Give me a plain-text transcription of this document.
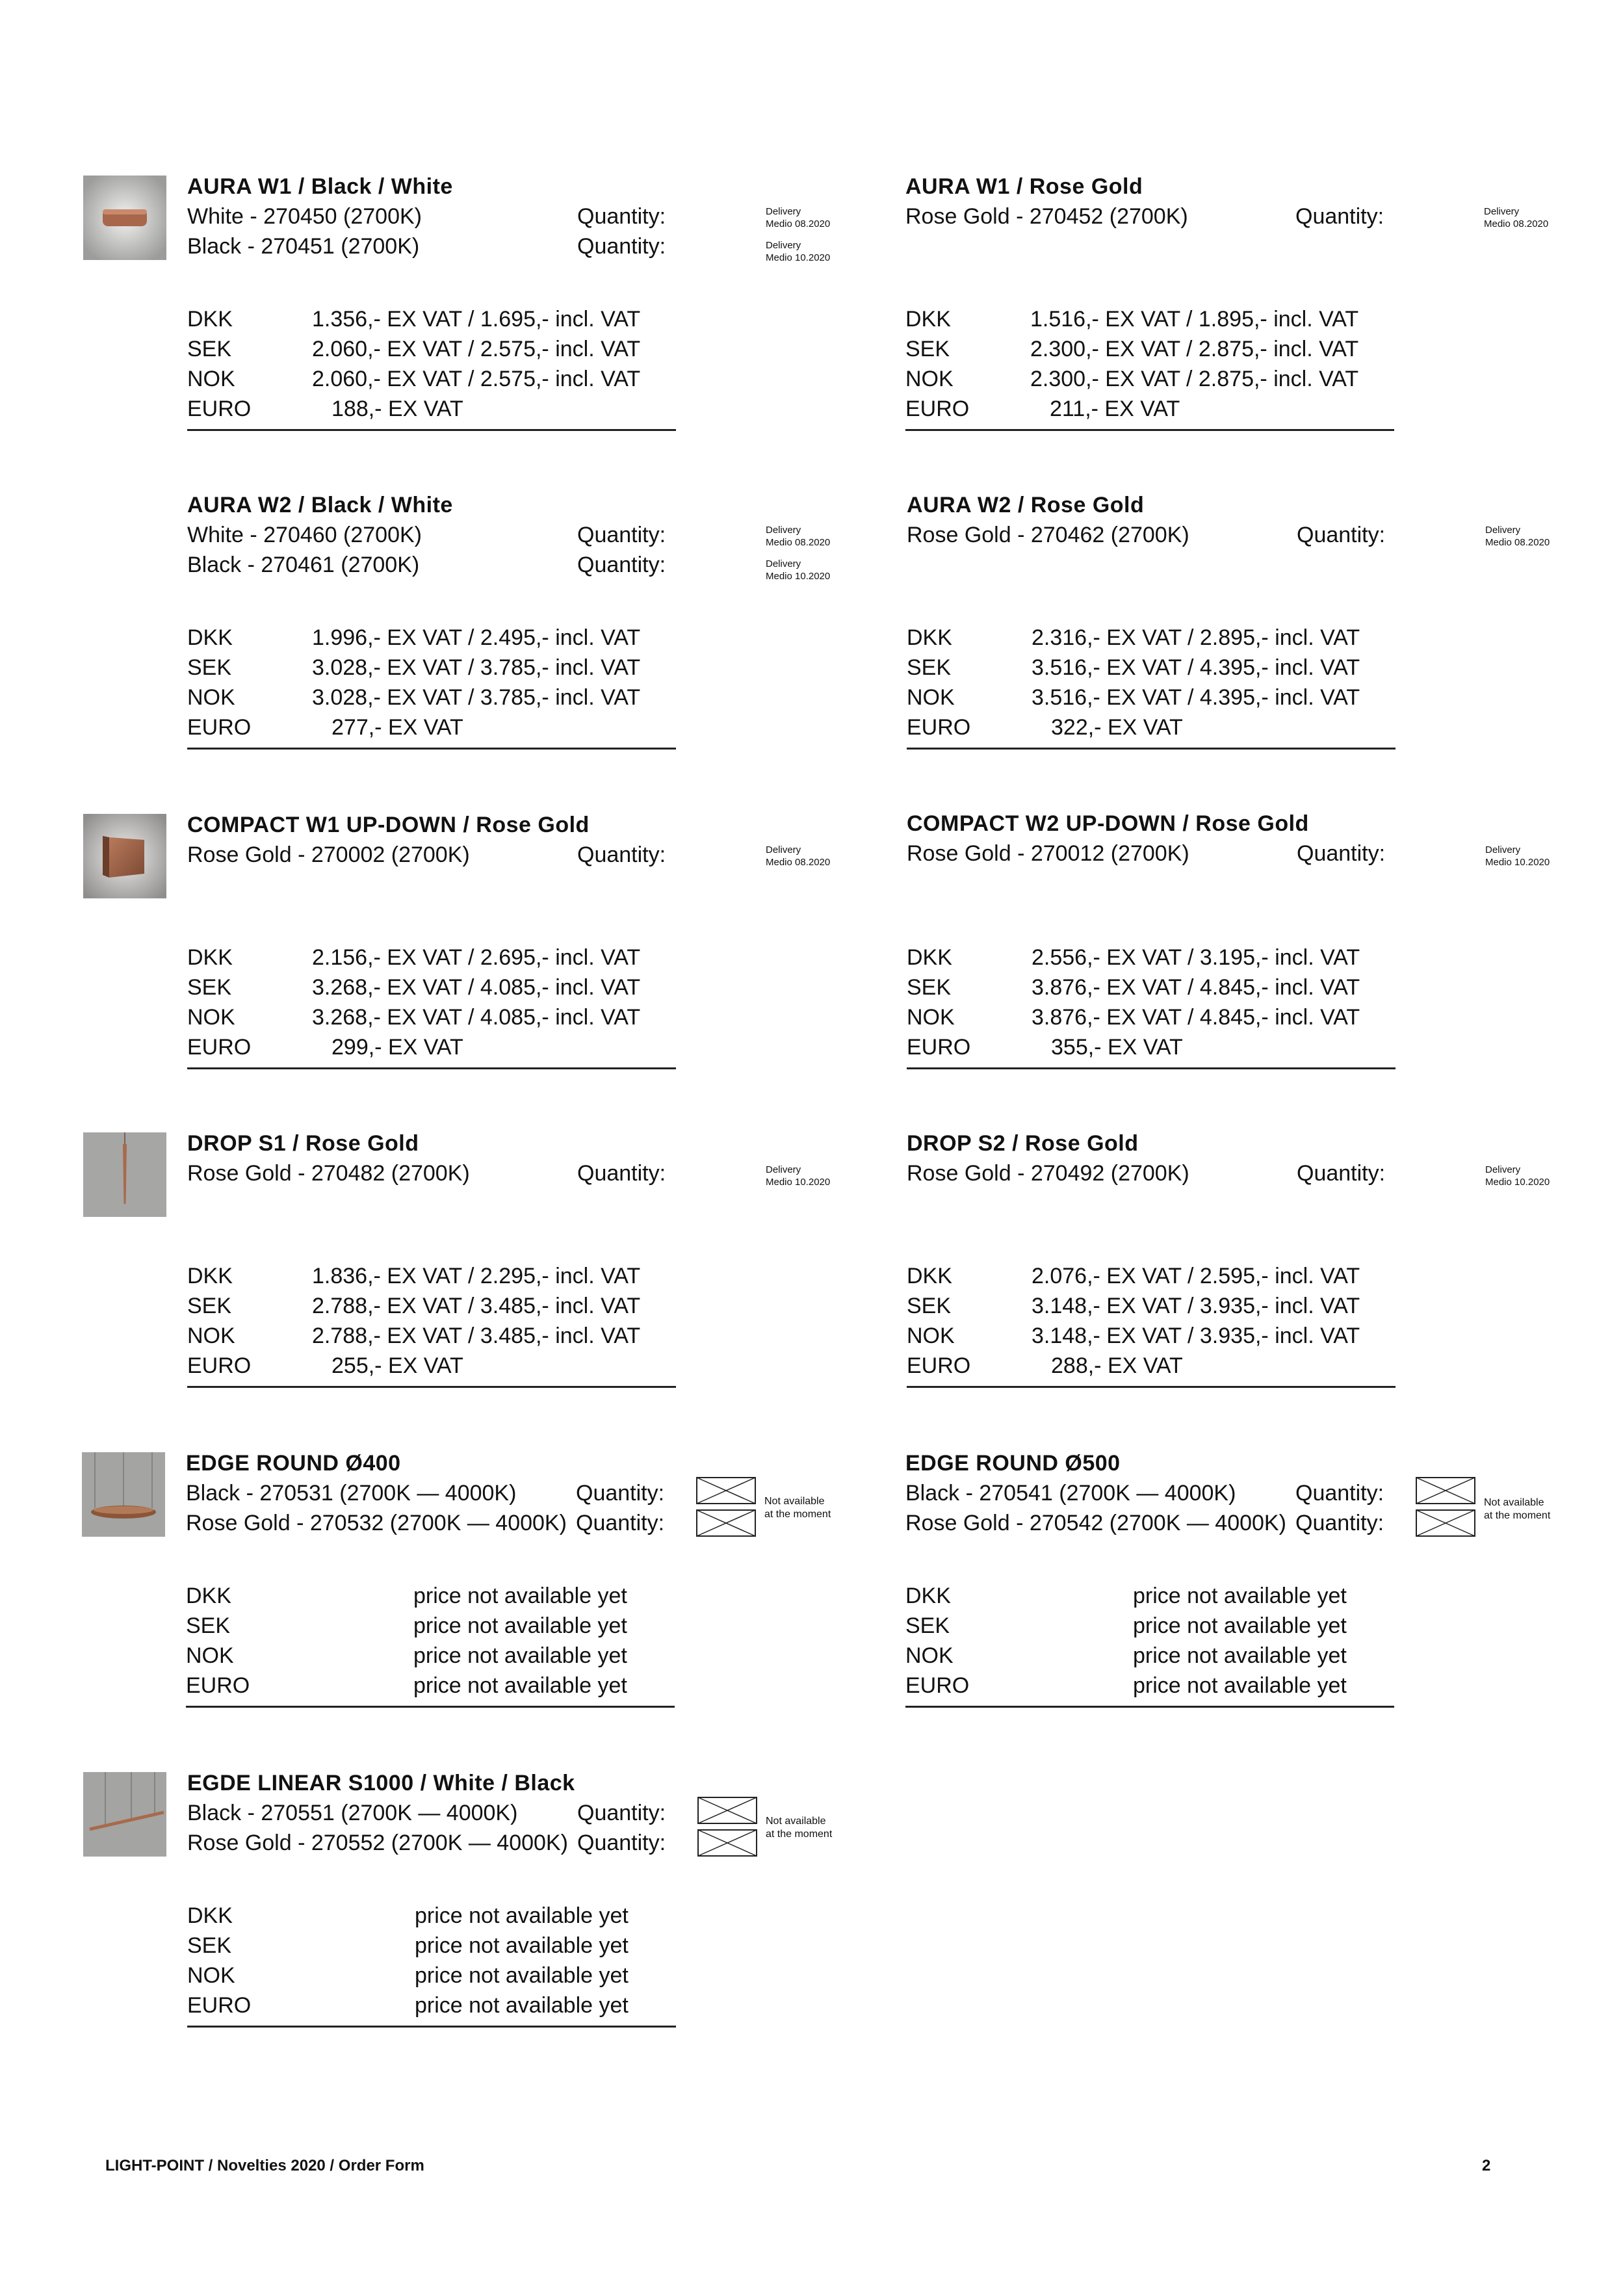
AURA W1 / Black / White
White - 270450 (2700K)	Quantity:	Delivery
Medio 08.2020
Black - 270451 (2700K)	Quantity:	Delivery
Medio 10.2020
DKK	1.356,- EX VAT / 1.695,- incl. VAT
SEK	2.060,- EX VAT / 2.575,- incl. VAT
NOK	2.060,- EX VAT / 2.575,- incl. VAT
EURO	188,- EX VAT
AURA W1 / Rose Gold
Rose Gold - 270452 (2700K)	Quantity:	Delivery
Medio 08.2020
DKK	1.516,- EX VAT / 1.895,- incl. VAT
SEK	2.300,- EX VAT / 2.875,- incl. VAT
NOK	2.300,- EX VAT / 2.875,- incl. VAT
EURO	211,- EX VAT
AURA W2 / Black / White
White - 270460 (2700K)	Quantity:	Delivery
Medio 08.2020
Black - 270461 (2700K)	Quantity:	Delivery
Medio 10.2020
DKK	1.996,- EX VAT / 2.495,- incl. VAT
SEK	3.028,- EX VAT / 3.785,- incl. VAT
NOK	3.028,- EX VAT / 3.785,- incl. VAT
EURO	277,- EX VAT
AURA W2 / Rose Gold
Rose Gold - 270462 (2700K)	Quantity:	Delivery
Medio 08.2020
DKK	2.316,- EX VAT / 2.895,- incl. VAT
SEK	3.516,- EX VAT / 4.395,- incl. VAT
NOK	3.516,- EX VAT / 4.395,- incl. VAT
EURO	322,- EX VAT
COMPACT W1 UP-DOWN / Rose Gold
Rose Gold - 270002 (2700K)	Quantity:	Delivery
Medio 08.2020
DKK	2.156,- EX VAT / 2.695,- incl. VAT
SEK	3.268,- EX VAT / 4.085,- incl. VAT
NOK	3.268,- EX VAT / 4.085,- incl. VAT
EURO	299,- EX VAT
COMPACT W2 UP-DOWN / Rose Gold
Rose Gold - 270012 (2700K)	Quantity:	Delivery
Medio 10.2020
DKK	2.556,- EX VAT / 3.195,- incl. VAT
SEK	3.876,- EX VAT / 4.845,- incl. VAT
NOK	3.876,- EX VAT / 4.845,- incl. VAT
EURO	355,- EX VAT
DROP S1 / Rose Gold
Rose Gold - 270482 (2700K)	Quantity:	Delivery
Medio 10.2020
DKK	1.836,- EX VAT / 2.295,- incl. VAT
SEK	2.788,- EX VAT / 3.485,- incl. VAT
NOK	2.788,- EX VAT / 3.485,- incl. VAT
EURO	255,- EX VAT
DROP S2 / Rose Gold
Rose Gold - 270492 (2700K)	Quantity:	Delivery
Medio 10.2020
DKK	2.076,- EX VAT / 2.595,- incl. VAT
SEK	3.148,- EX VAT / 3.935,- incl. VAT
NOK	3.148,- EX VAT / 3.935,- incl. VAT
EURO	288,- EX VAT
EDGE ROUND Ø400
Black - 270531 (2700K — 4000K)	Quantity:
Rose Gold - 270532 (2700K — 4000K) Quantity:
Not available
at the moment
DKK	price not available yet
SEK	price not available yet
NOK	price not available yet
EURO	price not available yet
EDGE ROUND Ø500
Black - 270541 (2700K — 4000K)	Quantity:
Rose Gold - 270542 (2700K — 4000K) Quantity:
Not available
at the moment
DKK	price not available yet
SEK	price not available yet
NOK	price not available yet
EURO	price not available yet
EGDE LINEAR S1000 / White / Black
Black - 270551 (2700K — 4000K)	Quantity:
Rose Gold - 270552 (2700K — 4000K) Quantity:
Not available
at the moment
DKK	price not available yet
SEK	price not available yet
NOK	price not available yet
EURO	price not available yet
LIGHT-POINT / Novelties 2020 / Order Form	2
